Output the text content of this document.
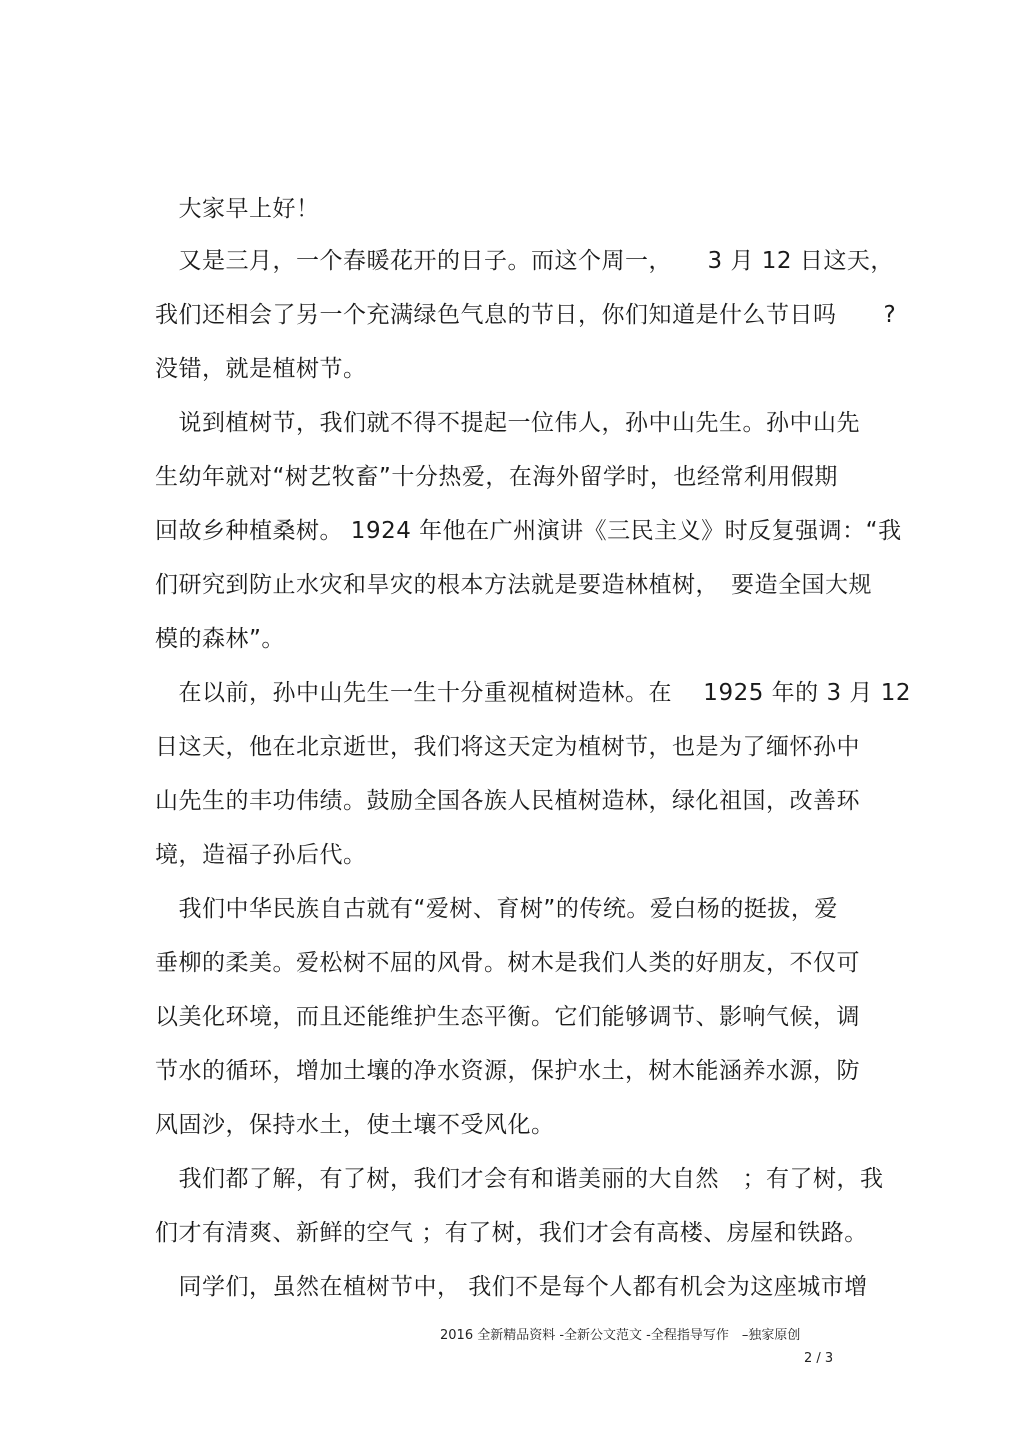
　大家早上好！
　又是三月，一个春暖花开的日子。而这个周一，　　3 月 12 日这天，
我们还相会了另一个充满绿色气息的节日，你们知道是什么节日吗　　?
没错，就是植树节。
　说到植树节，我们就不得不提起一位伟人，孙中山先生。孙中山先
生幼年就对“树艺牧畜”十分热爱，在海外留学时，也经常利用假期
回故乡种植桑树。 1924 年他在广州演讲《三民主义》时反复强调：“我
们研究到防止水灾和旱灾的根本方法就是要造林植树，　要造全国大规
模的森林”。
　在以前，孙中山先生一生十分重视植树造林。在　 1925 年的 3 月 12
日这天，他在北京逝世，我们将这天定为植树节，也是为了缅怀孙中
山先生的丰功伟绩。鼓励全国各族人民植树造林，绿化祖国，改善环
境，造福子孙后代。
　我们中华民族自古就有“爱树、育树”的传统。爱白杨的挺拔，爱
垂柳的柔美。爱松树不屈的风骨。树木是我们人类的好朋友，不仅可
以美化环境，而且还能维护生态平衡。它们能够调节、影响气候，调
节水的循环，增加土壤的净水资源，保护水土，树木能涵养水源，防
风固沙，保持水土，使土壤不受风化。
　我们都了解，有了树，我们才会有和谐美丽的大自然　；有了树，我
们才有清爽、新鲜的空气 ；有了树，我们才会有高楼、房屋和铁路。
　同学们，虽然在植树节中， 我们不是每个人都有机会为这座城市增
2016 全新精品资料 -全新公文范文 -全程指导写作　–独家原创
2 / 3
